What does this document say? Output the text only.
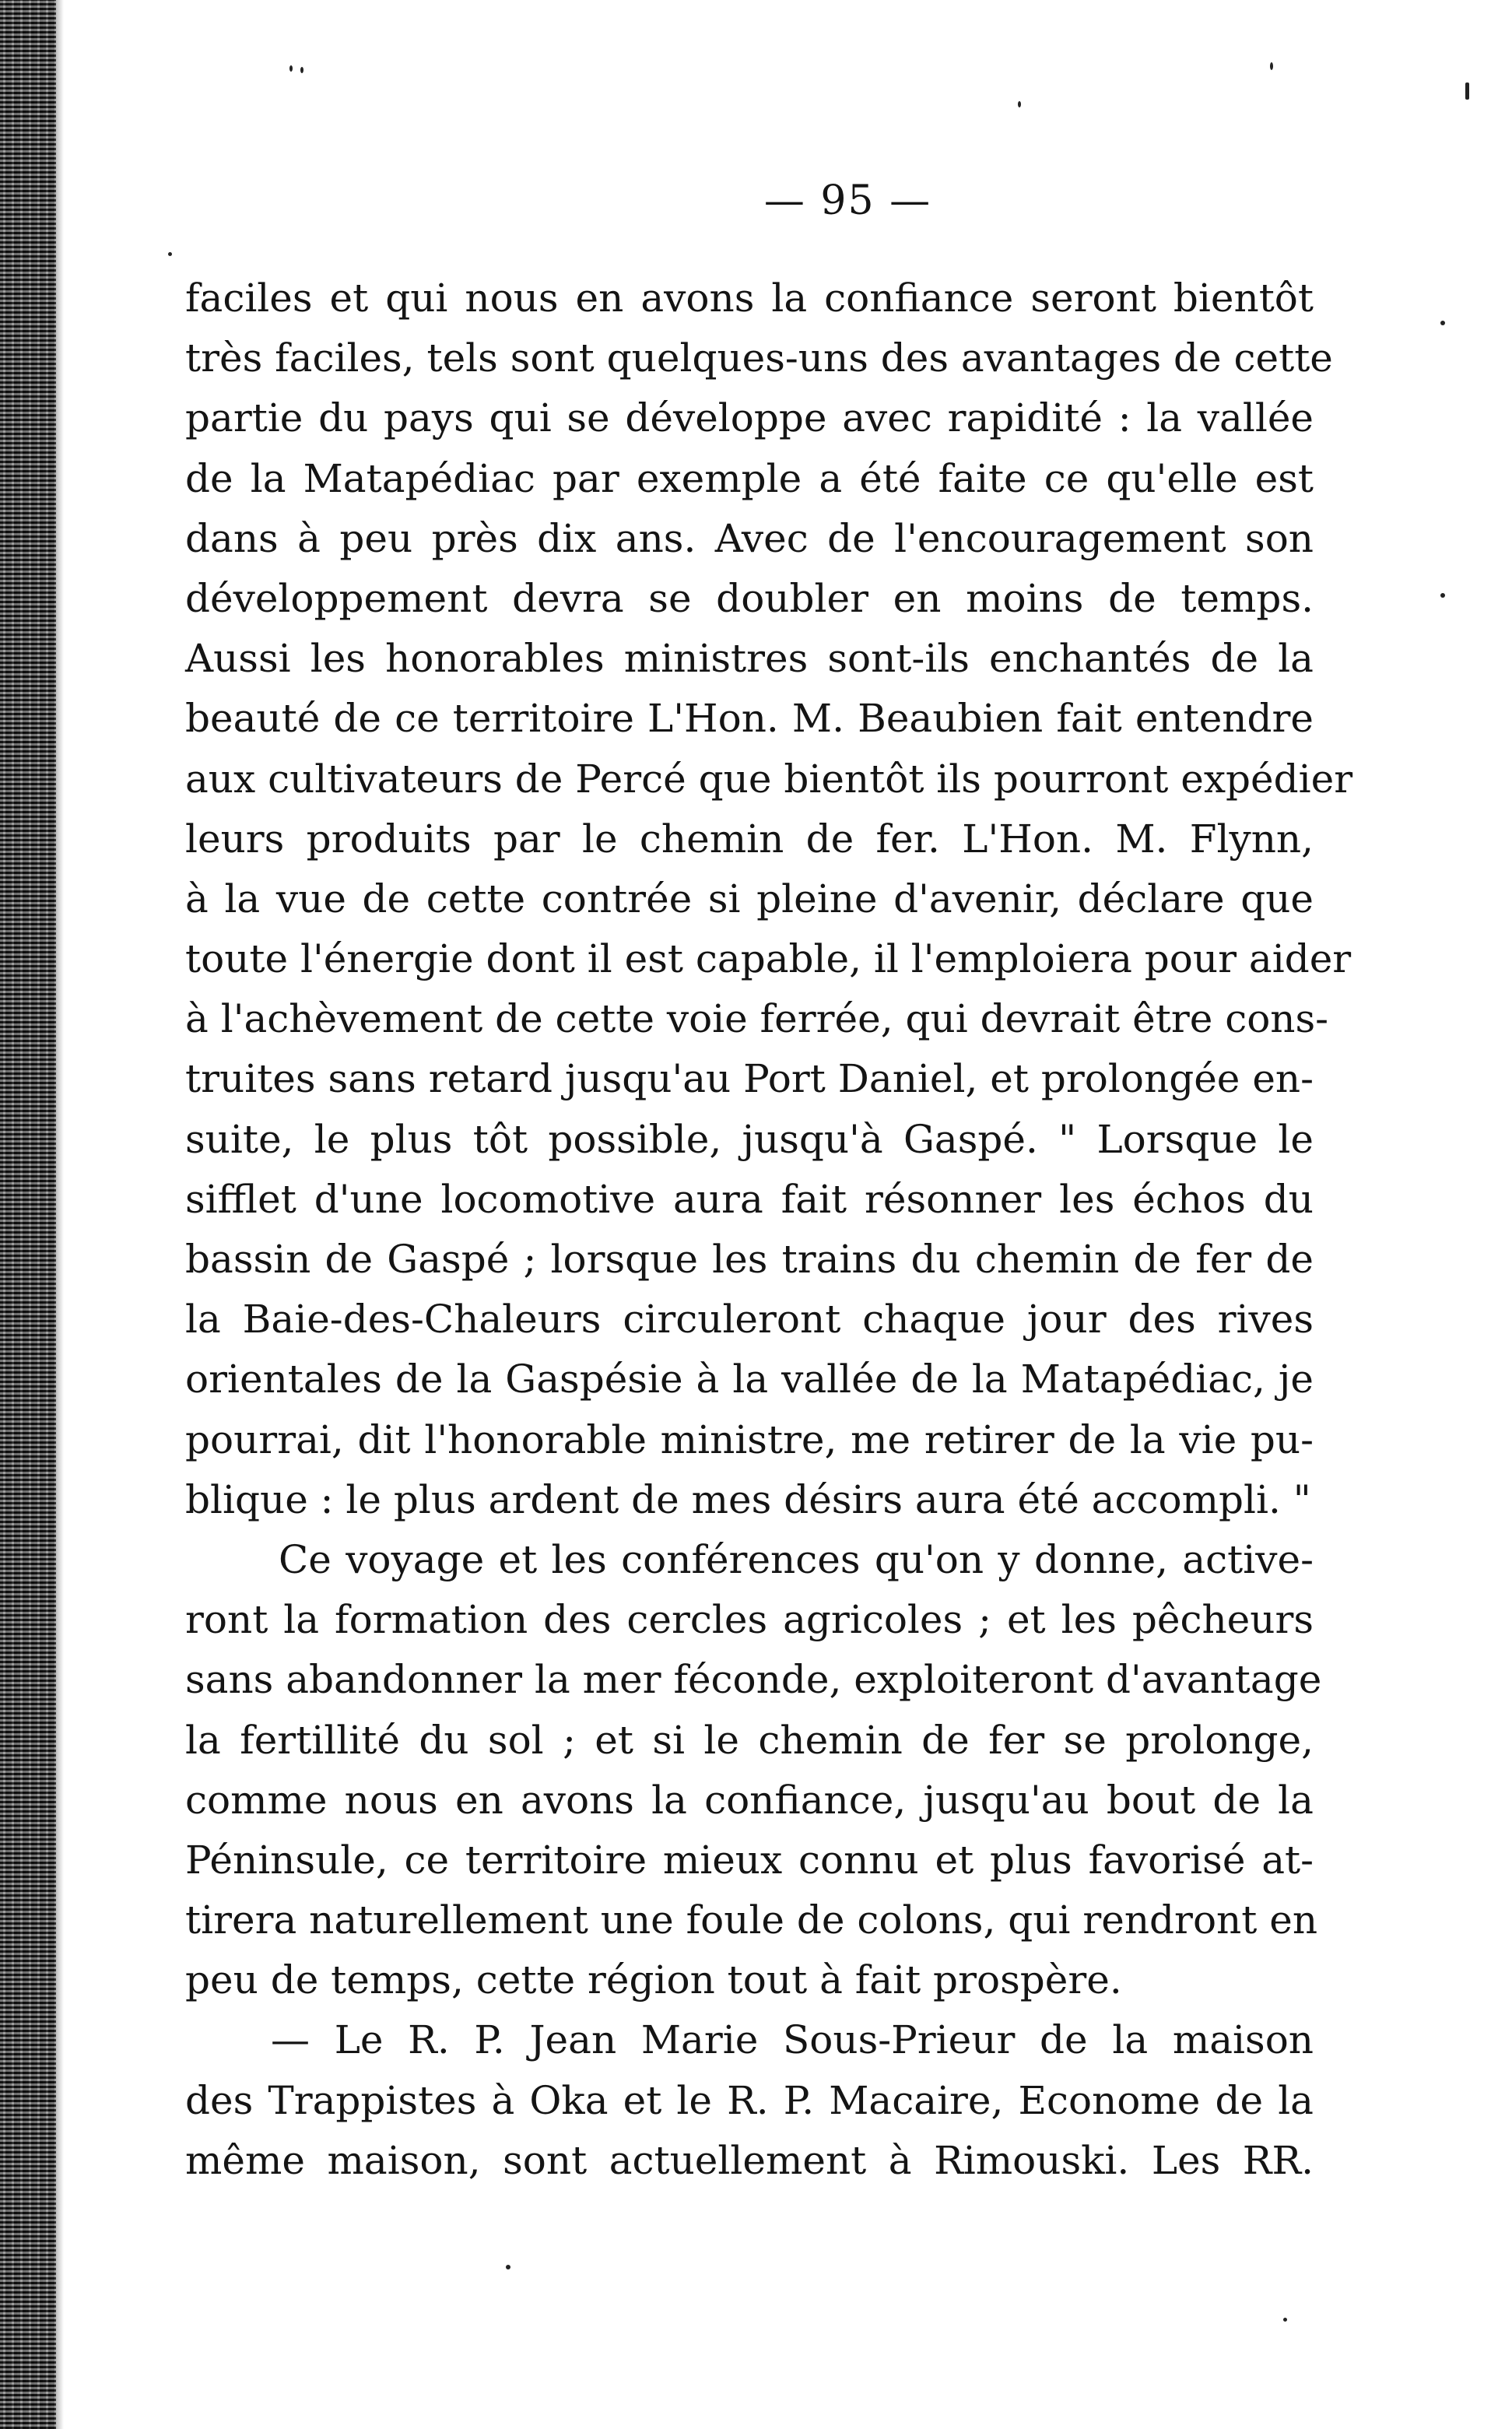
— 95 —
faciles et qui nous en avons la confiance seront bientôt
très faciles, tels sont quelques-uns des avantages de cette
partie du pays qui se développe avec rapidité : la vallée
de la Matapédiac par exemple a été faite ce qu'elle est
dans à peu près dix ans. Avec de l'encouragement son
développement devra se doubler en moins de temps.
Aussi les honorables ministres sont-ils enchantés de la
beauté de ce territoire L'Hon. M. Beaubien fait entendre
aux cultivateurs de Percé que bientôt ils pourront expédier
leurs produits par le chemin de fer. L'Hon. M. Flynn,
à la vue de cette contrée si pleine d'avenir, déclare que
toute l'énergie dont il est capable, il l'emploiera pour aider
à l'achèvement de cette voie ferrée, qui devrait être cons-
truites sans retard jusqu'au Port Daniel, et prolongée en-
suite, le plus tôt possible, jusqu'à Gaspé. " Lorsque le
sifflet d'une locomotive aura fait résonner les échos du
bassin de Gaspé ; lorsque les trains du chemin de fer de
la Baie-des-Chaleurs circuleront chaque jour des rives
orientales de la Gaspésie à la vallée de la Matapédiac, je
pourrai, dit l'honorable ministre, me retirer de la vie pu-
blique : le plus ardent de mes désirs aura été accompli. "
Ce voyage et les conférences qu'on y donne, active-
ront la formation des cercles agricoles ; et les pêcheurs
sans abandonner la mer féconde, exploiteront d'avantage
la fertillité du sol ; et si le chemin de fer se prolonge,
comme nous en avons la confiance, jusqu'au bout de la
Péninsule, ce territoire mieux connu et plus favorisé at-
tirera naturellement une foule de colons, qui rendront en
peu de temps, cette région tout à fait prospère.
— Le R. P. Jean Marie Sous-Prieur de la maison
des Trappistes à Oka et le R. P. Macaire, Econome de la
même maison, sont actuellement à Rimouski. Les RR.
